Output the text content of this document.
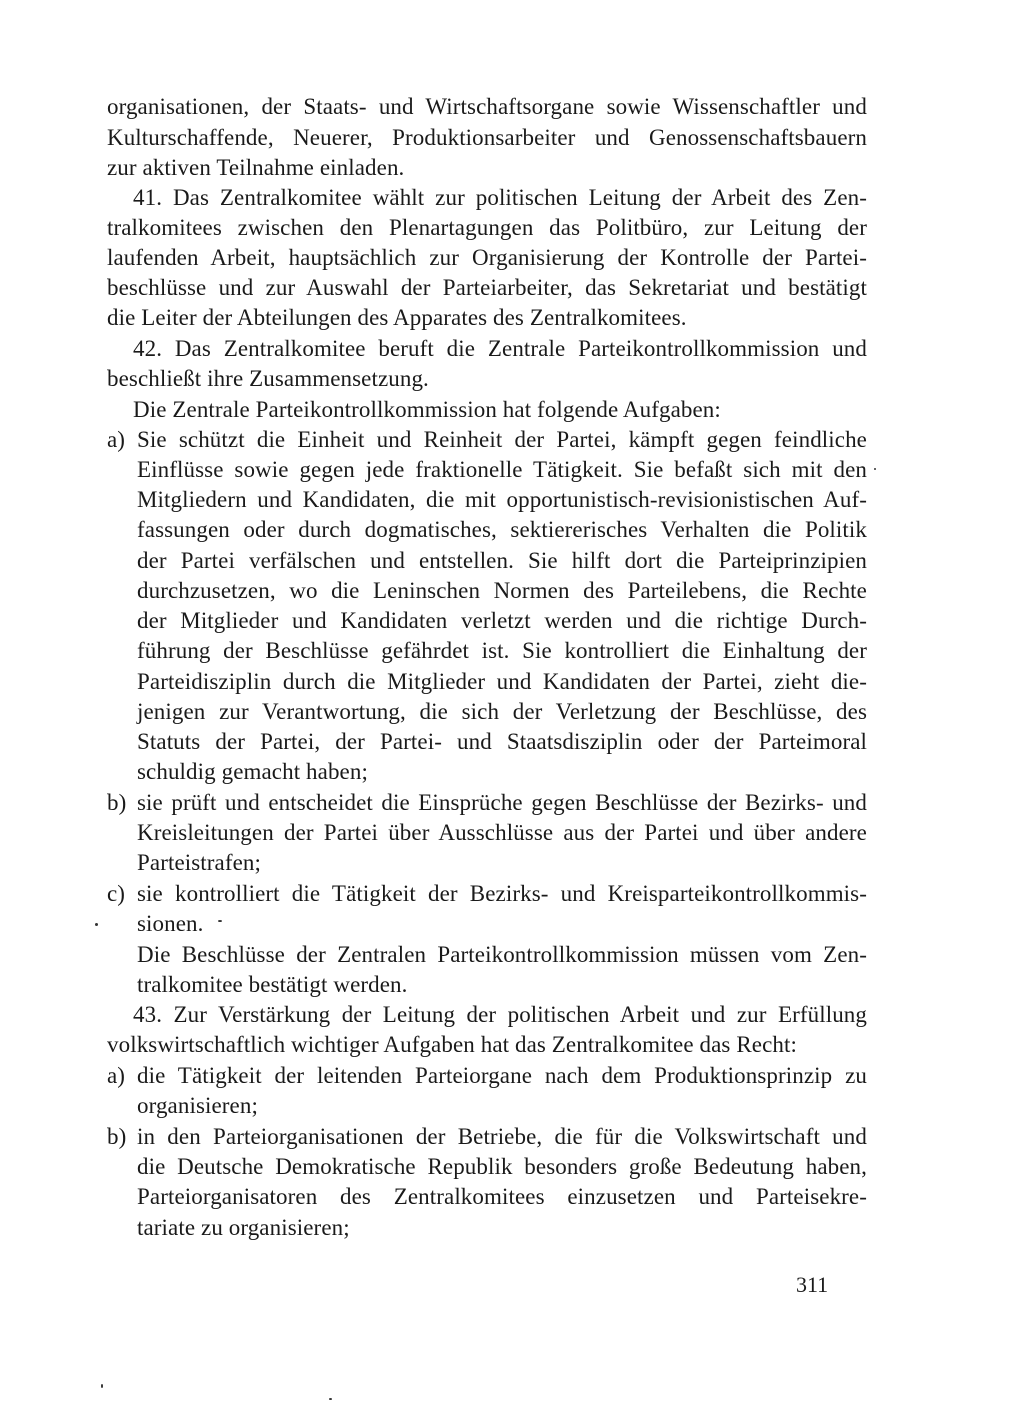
organisationen, der Staats- und Wirtschaftsorgane sowie Wissenschaftler und
Kulturschaffende, Neuerer, Produktionsarbeiter und Genossenschaftsbauern
zur aktiven Teilnahme einladen.
41. Das Zentralkomitee wählt zur politischen Leitung der Arbeit des Zen-
tralkomitees zwischen den Plenartagungen das Politbüro, zur Leitung der
laufenden Arbeit, hauptsächlich zur Organisierung der Kontrolle der Partei-
beschlüsse und zur Auswahl der Parteiarbeiter, das Sekretariat und bestätigt
die Leiter der Abteilungen des Apparates des Zentralkomitees.
42. Das Zentralkomitee beruft die Zentrale Parteikontrollkommission und
beschließt ihre Zusammensetzung.
Die Zentrale Parteikontrollkommission hat folgende Aufgaben:
a) Sie schützt die Einheit und Reinheit der Partei, kämpft gegen feindliche
Einflüsse sowie gegen jede fraktionelle Tätigkeit. Sie befaßt sich mit den
Mitgliedern und Kandidaten, die mit opportunistisch-revisionistischen Auf-
fassungen oder durch dogmatisches, sektiererisches Verhalten die Politik
der Partei verfälschen und entstellen. Sie hilft dort die Parteiprinzipien
durchzusetzen, wo die Leninschen Normen des Parteilebens, die Rechte
der Mitglieder und Kandidaten verletzt werden und die richtige Durch-
führung der Beschlüsse gefährdet ist. Sie kontrolliert die Einhaltung der
Parteidisziplin durch die Mitglieder und Kandidaten der Partei, zieht die-
jenigen zur Verantwortung, die sich der Verletzung der Beschlüsse, des
Statuts der Partei, der Partei- und Staatsdisziplin oder der Parteimoral
schuldig gemacht haben;
b) sie prüft und entscheidet die Einsprüche gegen Beschlüsse der Bezirks- und
Kreisleitungen der Partei über Ausschlüsse aus der Partei und über andere
Parteistrafen;
c) sie kontrolliert die Tätigkeit der Bezirks- und Kreisparteikontrollkommis-
sionen.
Die Beschlüsse der Zentralen Parteikontrollkommission müssen vom Zen-
tralkomitee bestätigt werden.
43. Zur Verstärkung der Leitung der politischen Arbeit und zur Erfüllung
volkswirtschaftlich wichtiger Aufgaben hat das Zentralkomitee das Recht:
a) die Tätigkeit der leitenden Parteiorgane nach dem Produktionsprinzip zu
organisieren;
b) in den Parteiorganisationen der Betriebe, die für die Volkswirtschaft und
die Deutsche Demokratische Republik besonders große Bedeutung haben,
Parteiorganisatoren des Zentralkomitees einzusetzen und Parteisekre-
tariate zu organisieren;
311
